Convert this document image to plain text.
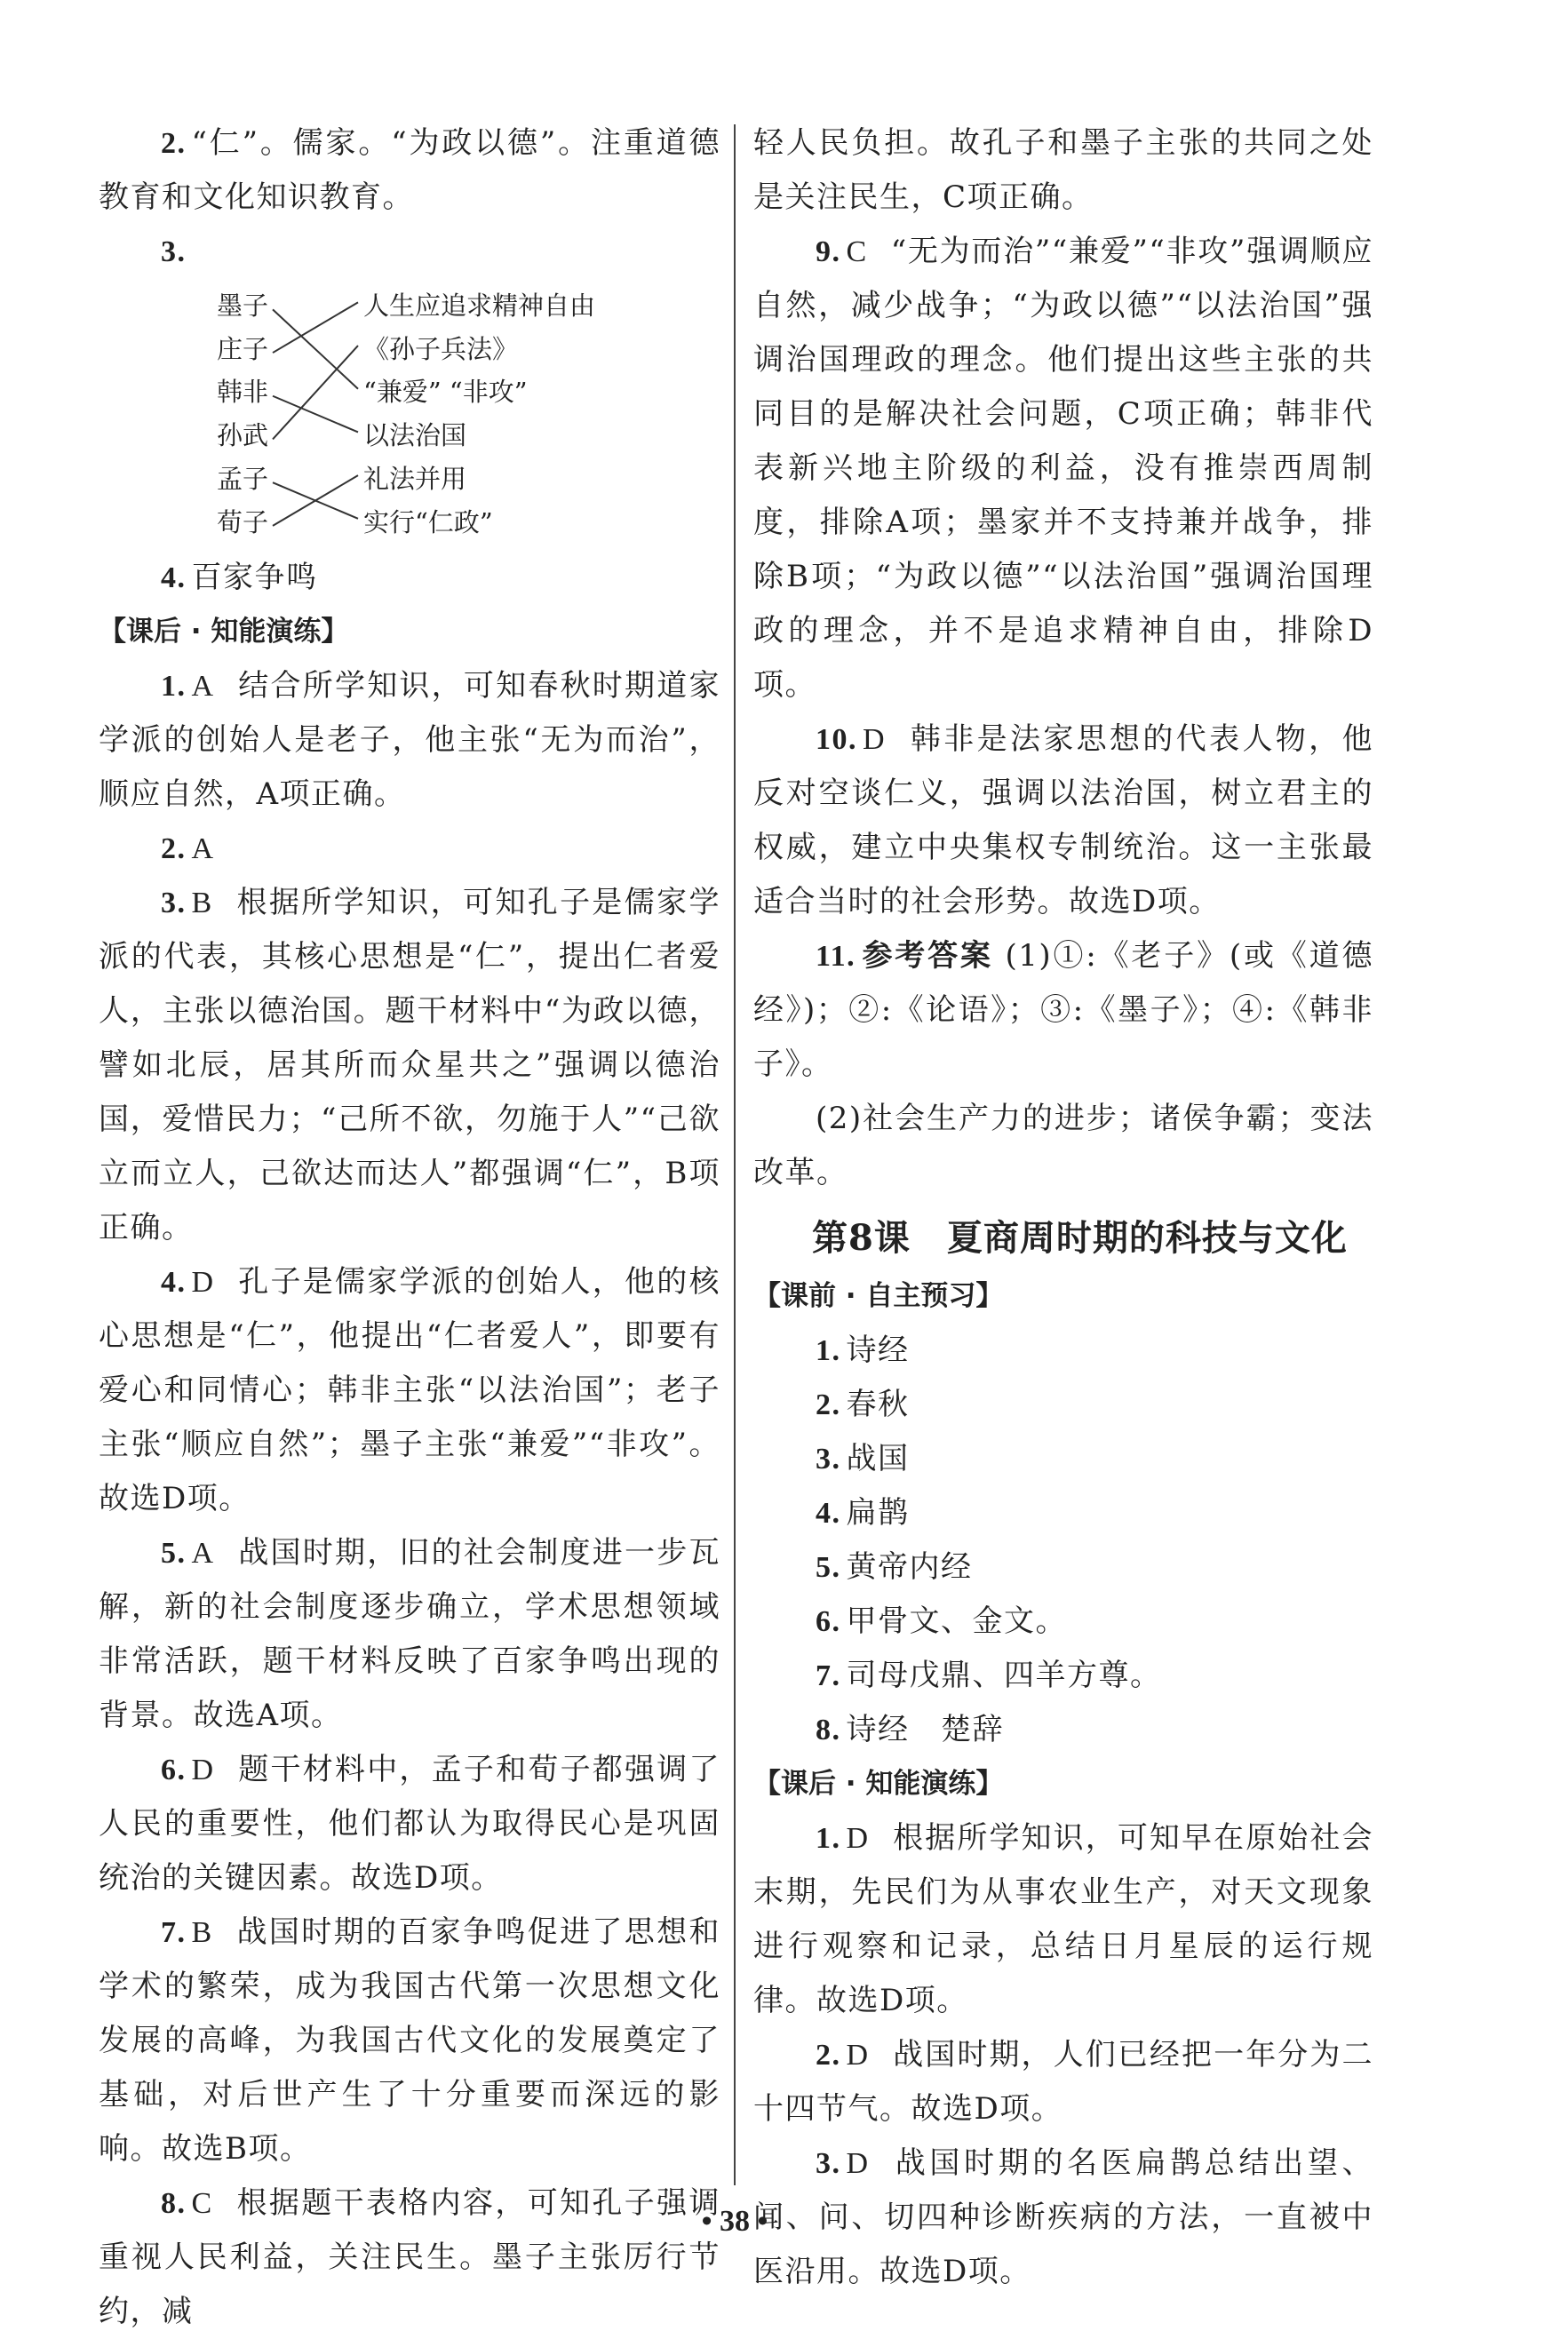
2. “仁”。儒家。“为政以德”。注重道德教育和文化知识教育。

3.

墨子
庄子
韩非
孙武
孟子
荀子
人生应追求精神自由
《孙子兵法》
“兼爱” “非攻”
以法治国
礼法并用
实行“仁政”

4. 百家争鸣

【课后 · 知能演练】

1. A 结合所学知识，可知春秋时期道家学派的创始人是老子，他主张“无为而治”，顺应自然，A项正确。

2. A

3. B 根据所学知识，可知孔子是儒家学派的代表，其核心思想是“仁”，提出仁者爱人，主张以德治国。题干材料中“为政以德，譬如北辰，居其所而众星共之”强调以德治国，爱惜民力；“己所不欲，勿施于人”“己欲立而立人，己欲达而达人”都强调“仁”，B项正确。

4. D 孔子是儒家学派的创始人，他的核心思想是“仁”，他提出“仁者爱人”，即要有爱心和同情心；韩非主张“以法治国”；老子主张“顺应自然”；墨子主张“兼爱”“非攻”。故选D项。

5. A 战国时期，旧的社会制度进一步瓦解，新的社会制度逐步确立，学术思想领域非常活跃，题干材料反映了百家争鸣出现的背景。故选A项。

6. D 题干材料中，孟子和荀子都强调了人民的重要性，他们都认为取得民心是巩固统治的关键因素。故选D项。

7. B 战国时期的百家争鸣促进了思想和学术的繁荣，成为我国古代第一次思想文化发展的高峰，为我国古代文化的发展奠定了基础，对后世产生了十分重要而深远的影响。故选B项。

8. C 根据题干表格内容，可知孔子强调重视人民利益，关注民生。墨子主张厉行节约，减

轻人民负担。故孔子和墨子主张的共同之处是关注民生，C项正确。

9. C “无为而治”“兼爱”“非攻”强调顺应自然，减少战争；“为政以德”“以法治国”强调治国理政的理念。他们提出这些主张的共同目的是解决社会问题，C项正确；韩非代表新兴地主阶级的利益，没有推崇西周制度，排除A项；墨家并不支持兼并战争，排除B项；“为政以德”“以法治国”强调治国理政的理念，并不是追求精神自由，排除D项。

10. D 韩非是法家思想的代表人物，他反对空谈仁义，强调以法治国，树立君主的权威，建立中央集权专制统治。这一主张最适合当时的社会形势。故选D项。

11. 参考答案 (1)①:《老子》(或《道德经》)；②:《论语》；③:《墨子》；④:《韩非子》。

(2)社会生产力的进步；诸侯争霸；变法改革。

第8课　夏商周时期的科技与文化

【课前 · 自主预习】

1. 诗经

2. 春秋

3. 战国

4. 扁鹊

5. 黄帝内经

6. 甲骨文、金文。

7. 司母戊鼎、四羊方尊。

8. 诗经　楚辞

【课后 · 知能演练】

1. D 根据所学知识，可知早在原始社会末期，先民们为从事农业生产，对天文现象进行观察和记录，总结日月星辰的运行规律。故选D项。

2. D 战国时期，人们已经把一年分为二十四节气。故选D项。

3. D 战国时期的名医扁鹊总结出望、闻、问、切四种诊断疾病的方法，一直被中医沿用。故选D项。

• 38 •
